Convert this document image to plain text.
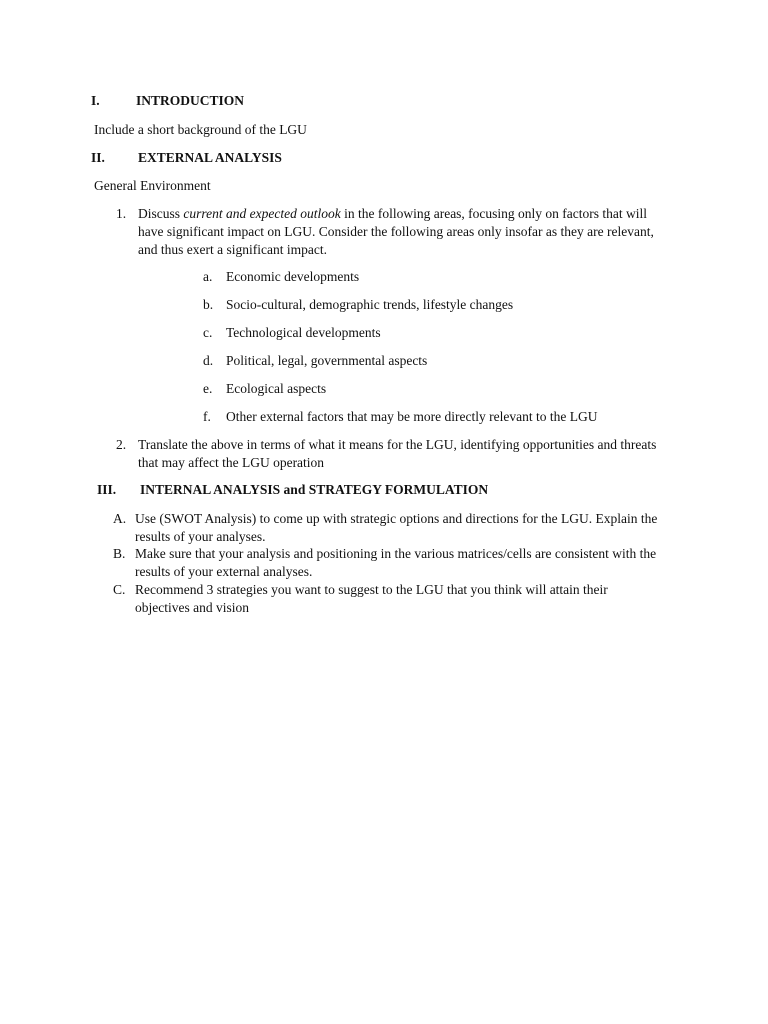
I.	INTRODUCTION
Include a short background of the LGU
II. EXTERNAL ANALYSIS
General Environment
1. Discuss current and expected outlook in the following areas, focusing only on factors that will have significant impact on LGU. Consider the following areas only insofar as they are relevant, and thus exert a significant impact.
a. Economic developments
b. Socio-cultural, demographic trends, lifestyle changes
c. Technological developments
d. Political, legal, governmental aspects
e. Ecological aspects
f. Other external factors that may be more directly relevant to the LGU
2. Translate the above in terms of what it means for the LGU, identifying opportunities and threats that may affect the LGU operation
III. INTERNAL ANALYSIS and STRATEGY FORMULATION
A. Use (SWOT Analysis) to come up with strategic options and directions for the LGU. Explain the results of your analyses.
B. Make sure that your analysis and positioning in the various matrices/cells are consistent with the results of your external analyses.
C. Recommend 3 strategies you want to suggest to the LGU that you think will attain their objectives and vision
